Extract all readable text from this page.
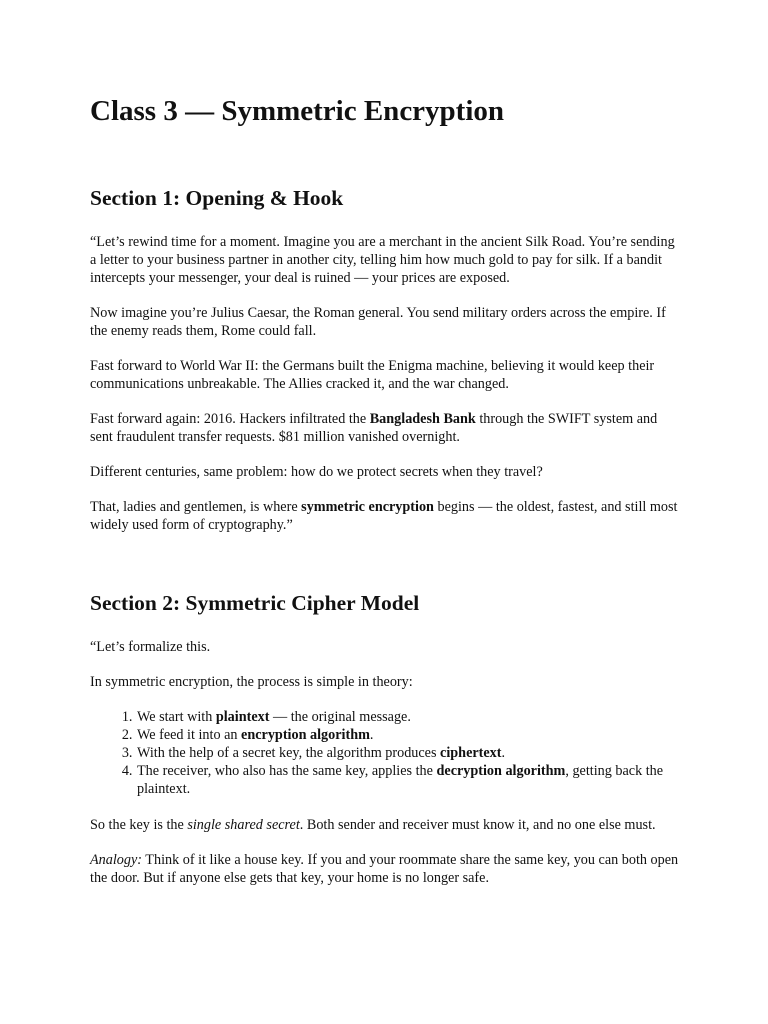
Class 3 — Symmetric Encryption
Section 1: Opening & Hook

“Let’s rewind time for a moment. Imagine you are a merchant in the ancient Silk Road. You’re sending a letter to your business partner in another city, telling him how much gold to pay for silk. If a bandit intercepts your messenger, your deal is ruined — your prices are exposed.

Now imagine you’re Julius Caesar, the Roman general. You send military orders across the empire. If the enemy reads them, Rome could fall.

Fast forward to World War II: the Germans built the Enigma machine, believing it would keep their communications unbreakable. The Allies cracked it, and the war changed.

Fast forward again: 2016. Hackers infiltrated the Bangladesh Bank through the SWIFT system and sent fraudulent transfer requests. $81 million vanished overnight.

Different centuries, same problem: how do we protect secrets when they travel?

That, ladies and gentlemen, is where symmetric encryption begins — the oldest, fastest, and still most widely used form of cryptography.”

Section 2: Symmetric Cipher Model

“Let’s formalize this.

In symmetric encryption, the process is simple in theory:

1. We start with plaintext — the original message.
2. We feed it into an encryption algorithm.
3. With the help of a secret key, the algorithm produces ciphertext.
4. The receiver, who also has the same key, applies the decryption algorithm, getting back the plaintext.

So the key is the single shared secret. Both sender and receiver must know it, and no one else must.

Analogy: Think of it like a house key. If you and your roommate share the same key, you can both open the door. But if anyone else gets that key, your home is no longer safe.
